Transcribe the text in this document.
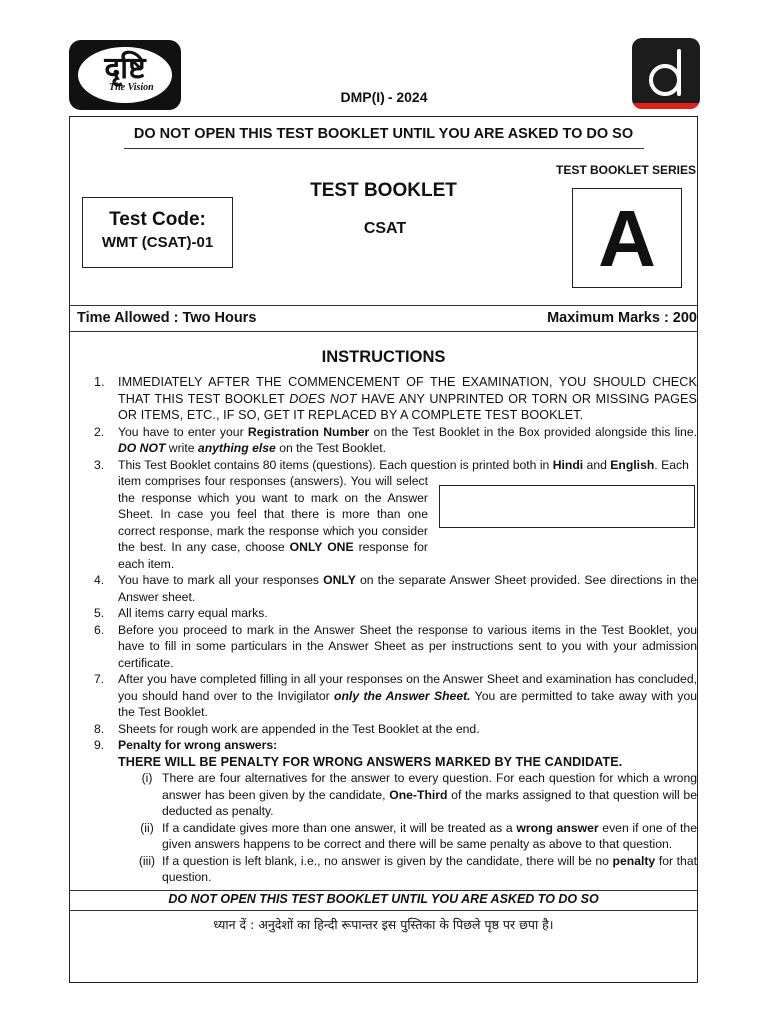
दृष्टि
The Vision
DMP(I) - 2024
DO NOT OPEN THIS TEST BOOKLET UNTIL YOU ARE ASKED TO DO SO
TEST BOOKLET SERIES
TEST BOOKLET
CSAT
Test Code:
WMT (CSAT)-01	A
Time Allowed : Two Hours	Maximum Marks : 200
INSTRUCTIONS
1.	IMMEDIATELY AFTER THE COMMENCEMENT OF THE EXAMINATION, YOU SHOULD CHECK THAT THIS TEST BOOKLET DOES NOT HAVE ANY UNPRINTED OR TORN OR MISSING PAGES OR ITEMS, ETC., IF SO, GET IT REPLACED BY A COMPLETE TEST BOOKLET.
2.	You have to enter your Registration Number on the Test Booklet in the Box provided alongside this line. DO NOT write anything else on the Test Booklet.
3.	This Test Booklet contains 80 items (questions). Each question is printed both in Hindi and English. Each
item comprises four responses (answers). You will select the response which you want to mark on the Answer Sheet. In case you feel that there is more than one correct response, mark the response which you consider the best. In any case, choose ONLY ONE response for each item.
4.	You have to mark all your responses ONLY on the separate Answer Sheet provided. See directions in the Answer sheet.
5.	All items carry equal marks.
6.	Before you proceed to mark in the Answer Sheet the response to various items in the Test Booklet, you have to fill in some particulars in the Answer Sheet as per instructions sent to you with your admission certificate.
7.	After you have completed filling in all your responses on the Answer Sheet and examination has concluded, you should hand over to the Invigilator only the Answer Sheet. You are permitted to take away with you the Test Booklet.
8.	Sheets for rough work are appended in the Test Booklet at the end.
9.	Penalty for wrong answers:
THERE WILL BE PENALTY FOR WRONG ANSWERS MARKED BY THE CANDIDATE.
(i) There are four alternatives for the answer to every question. For each question for which a wrong answer has been given by the candidate, One-Third of the marks assigned to that question will be deducted as penalty.
(ii) If a candidate gives more than one answer, it will be treated as a wrong answer even if one of the given answers happens to be correct and there will be same penalty as above to that question.
(iii) If a question is left blank, i.e., no answer is given by the candidate, there will be no penalty for that question.
DO NOT OPEN THIS TEST BOOKLET UNTIL YOU ARE ASKED TO DO SO
ध्यान दें : अनुदेशों का हिन्दी रूपान्तर इस पुस्तिका के पिछले पृष्ठ पर छपा है।
